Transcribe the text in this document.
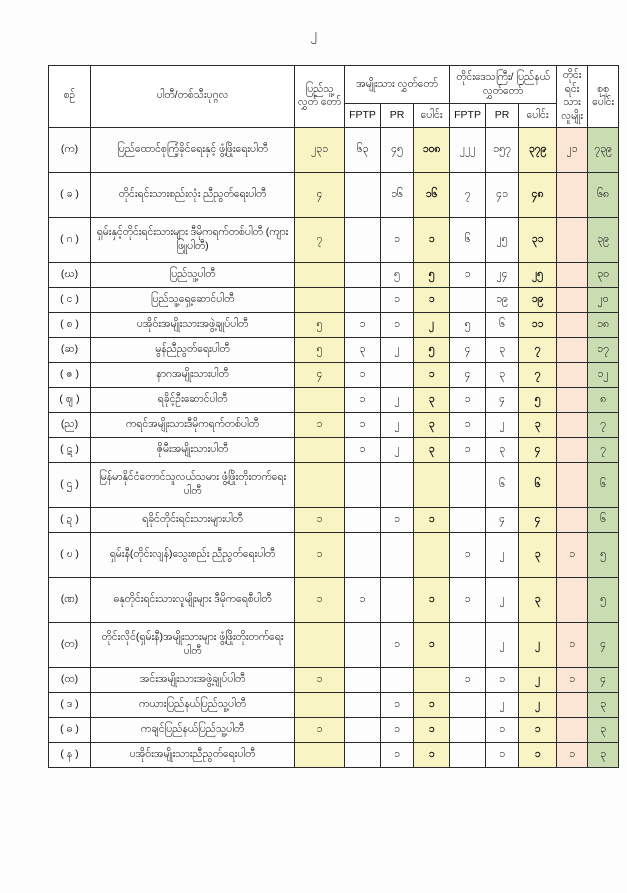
၂
စဉ်	ပါတီ/တစ်သီးပုဂ္ဂလ	ပြည်သူ့ လွှတ် တော်	အမျိုးသား လွှတ်တော်			တိုင်းဒေသကြီး/ ပြည်နယ်လွှတ်တော်			တိုင်း ရင်း သား လူမျိုး	စုစု ပေါင်း
			FPTP	PR	ပေါင်း	FPTP	PR	ပေါင်း		
(က)	ပြည်ထောင်စုကြံ့ခိုင်ရေးနှင့် ဖွံ့ဖြိုးရေးပါတီ	၂၃၁	၆၃	၄၅	၁၀၈	၂၂၂	၁၅၇	၃၇၉	၂၁	၇၃၉
( ခ )	တိုင်းရင်းသားစည်းလုံး ညီညွတ်ရေးပါတီ	၄		၁၆	၁၆	၇	၄၁	၄၈		၆၈
( ဂ )	ရှမ်းနှင့်တိုင်းရင်းသားများ ဒီမိုကရက်တစ်ပါတီ (ကျားဖြူပါတီ)	၇		၁	၁	၆	၂၅	၃၁		၃၉
(ဃ)	ပြည်သူ့ပါတီ			၅	၅	၁	၂၄	၂၅		၃၀
( င )	ပြည်သူ့ရှေ့ဆောင်ပါတီ			၁	၁		၁၉	၁၉		၂၀
( စ )	ပအိုဝ်းအမျိုးသားအဖွဲ့ချုပ်ပါတီ	၅	၁	၁	၂	၅	၆	၁၁		၁၈
(ဆ)	မွန်ညီညွတ်ရေးပါတီ	၅	၃	၂	၅	၄	၃	၇		၁၇
( ဇ )	နာဂအမျိုးသားပါတီ	၄	၁		၁	၄	၃	၇		၁၂
( ဈ )	ရခိုင့်ဦးဆောင်ပါတီ		၁	၂	၃	၁	၄	၅		၈
(ည)	ကရင်အမျိုးသားဒီမိုကရက်တစ်ပါတီ	၁	၁	၂	၃	၁	၂	၃		၇
( ဋ )	ဇိုမီးအမျိုးသားပါတီ		၁	၂	၃	၁	၃	၄		၇
( ဌ )	မြန်မာနိုင်ငံတောင်သူလယ်သမား ဖွံ့ဖြိုးတိုးတက်ရေးပါတီ						၆	၆		၆
( ဍ )	ရခိုင်တိုင်းရင်းသားများပါတီ	၁		၁	၁		၄	၄		၆
( ဎ )	ရှမ်းနီ(တိုင်းလျန်)သွေးစည်း ညီညွတ်ရေးပါတီ	၁				၁	၂	၃	၁	၅
(ဏ)	ဓနုတိုင်းရင်းသားလူမျိုးများ ဒီမိုကရေစီပါတီ	၁	၁		၁	၁	၂	၃		၅
(တ)	တိုင်းလိုင်(ရှမ်းနီ)အမျိုးသားများ ဖွံ့ဖြိုးတိုးတက်ရေးပါတီ			၁	၁		၂	၂	၁	၄
(ထ)	အင်းအမျိုးသားအဖွဲ့ချုပ်ပါတီ	၁				၁	၁	၂	၁	၄
( ဒ )	ကယားပြည်နယ်ပြည်သူ့ပါတီ			၁	၁		၂	၂		၃
( ဓ )	ကချင်ပြည်နယ်ပြည်သူ့ပါတီ	၁		၁	၁		၁	၁		၃
( န )	ပအိုဝ်းအမျိုးသားညီညွတ်ရေးပါတီ			၁	၁		၁	၁	၁	၃
